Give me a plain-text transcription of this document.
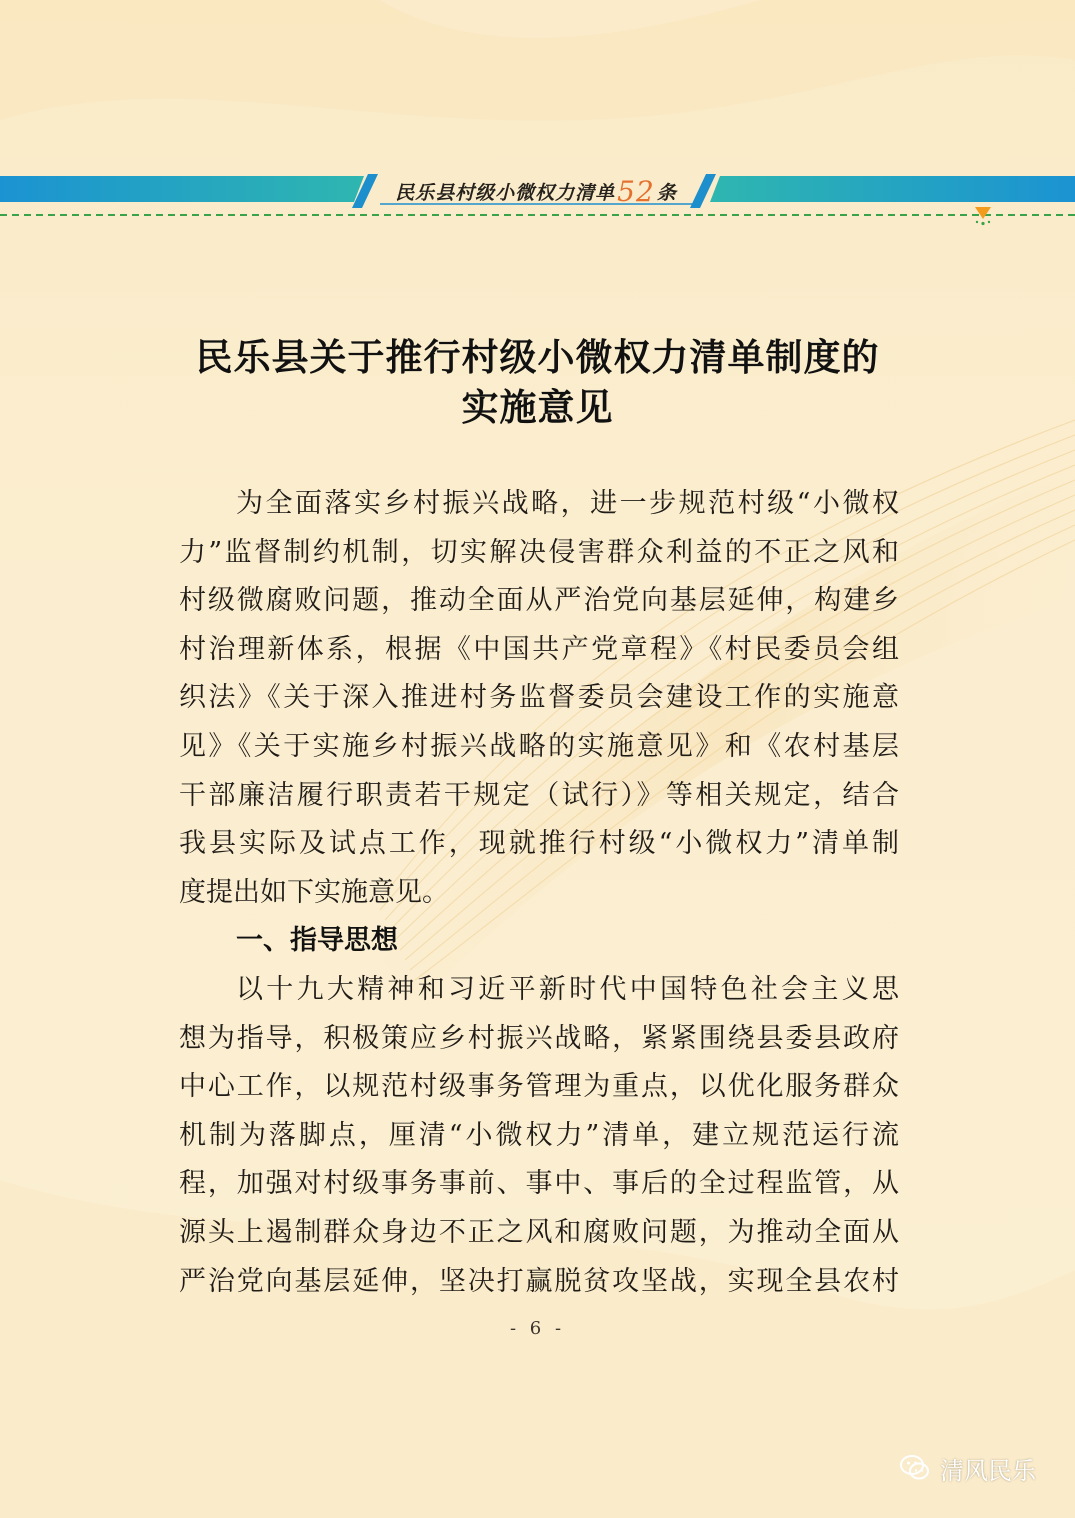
民乐县村级小微权力清单 52 条
民乐县关于推行村级小微权力清单制度的
实施意见
为全面落实乡村振兴战略，进一步规范村级“小微权
力”监督制约机制，切实解决侵害群众利益的不正之风和
村级微腐败问题，推动全面从严治党向基层延伸，构建乡
村治理新体系，根据《中国共产党章程》《村民委员会组
织法》《关于深入推进村务监督委员会建设工作的实施意
见》《关于实施乡村振兴战略的实施意见》和《农村基层
干部廉洁履行职责若干规定（试行）》等相关规定，结合
我县实际及试点工作，现就推行村级“小微权力”清单制
度提出如下实施意见。
一、指导思想
以十九大精神和习近平新时代中国特色社会主义思
想为指导，积极策应乡村振兴战略，紧紧围绕县委县政府
中心工作，以规范村级事务管理为重点，以优化服务群众
机制为落脚点，厘清“小微权力”清单，建立规范运行流
程，加强对村级事务事前、事中、事后的全过程监管，从
源头上遏制群众身边不正之风和腐败问题，为推动全面从
严治党向基层延伸，坚决打赢脱贫攻坚战，实现全县农村
- 6 -
清风民乐
